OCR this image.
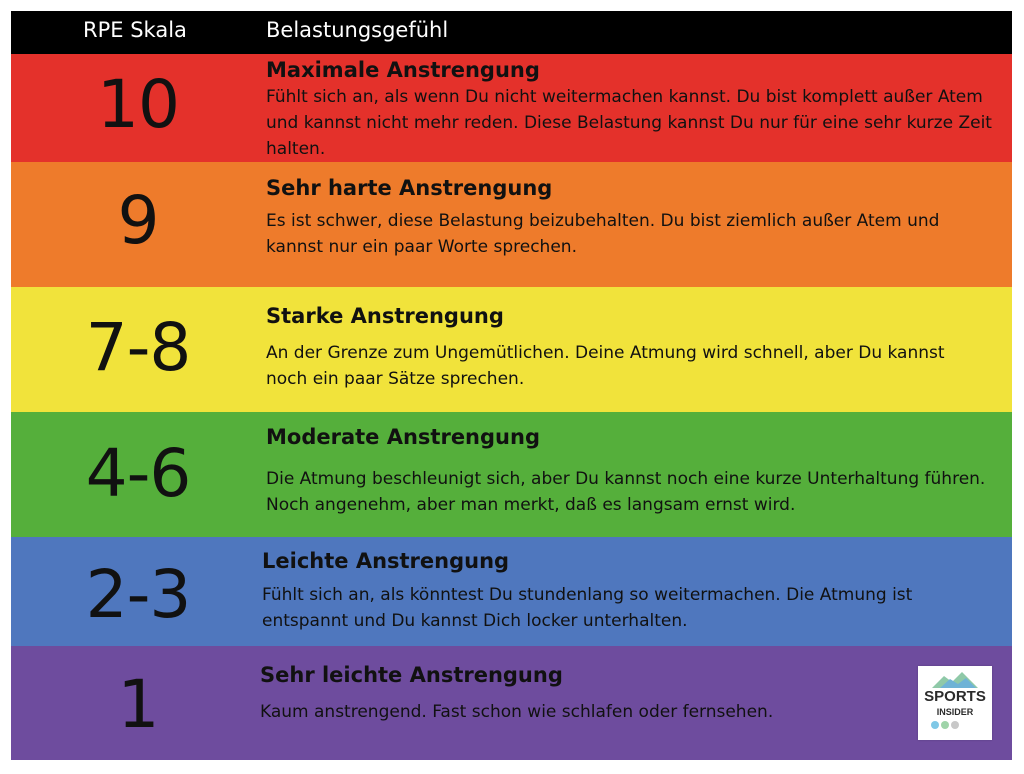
RPE Skala	Belastungsgefühl
10	Maximale Anstrengung
Fühlt sich an, als wenn Du nicht weitermachen kannst. Du bist komplett außer Atem
und kannst nicht mehr reden. Diese Belastung kannst Du nur für eine sehr kurze Zeit
halten.
9	Sehr harte Anstrengung
Es ist schwer, diese Belastung beizubehalten. Du bist ziemlich außer Atem und
kannst nur ein paar Worte sprechen.
7-8	Starke Anstrengung
An der Grenze zum Ungemütlichen. Deine Atmung wird schnell, aber Du kannst
noch ein paar Sätze sprechen.
4-6	Moderate Anstrengung
Die Atmung beschleunigt sich, aber Du kannst noch eine kurze Unterhaltung führen.
Noch angenehm, aber man merkt, daß es langsam ernst wird.
2-3	Leichte Anstrengung
Fühlt sich an, als könntest Du stundenlang so weitermachen. Die Atmung ist
entspannt und Du kannst Dich locker unterhalten.
1	Sehr leichte Anstrengung
Kaum anstrengend. Fast schon wie schlafen oder fernsehen.
SPORTS
INSIDER
